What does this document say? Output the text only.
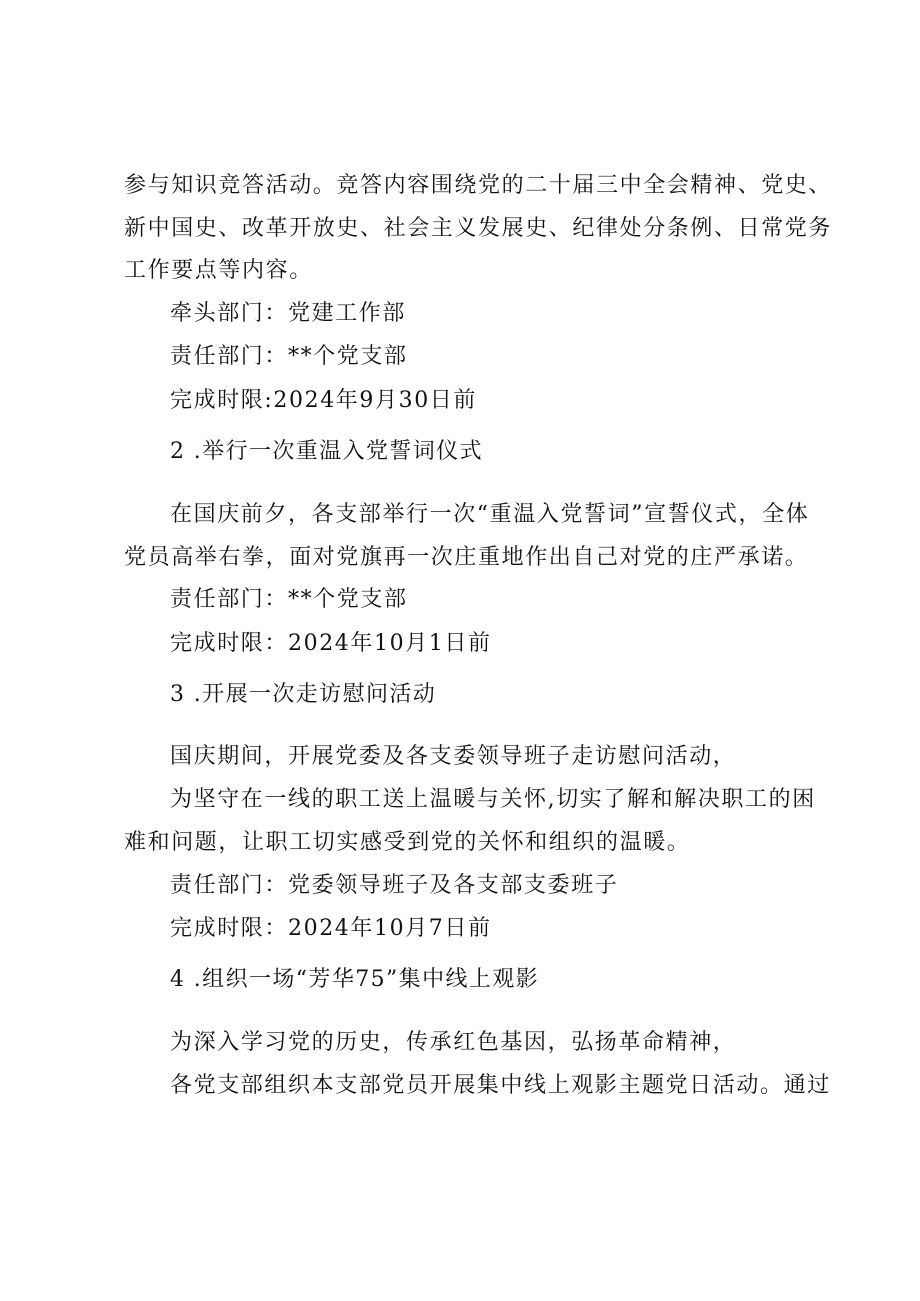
参与知识竞答活动。竞答内容围绕党的二十届三中全会精神、党史、
新中国史、改革开放史、社会主义发展史、纪律处分条例、日常党务
工作要点等内容。
牵头部门：党建工作部
责任部门：**个党支部
完成时限:2024年9月30日前
2 .举行一次重温入党誓词仪式
在国庆前夕，各支部举行一次“重温入党誓词”宣誓仪式，全体
党员高举右拳，面对党旗再一次庄重地作出自己对党的庄严承诺。
责任部门：**个党支部
完成时限：2024年10月1日前
3 .开展一次走访慰问活动
国庆期间，开展党委及各支委领导班子走访慰问活动，
为坚守在一线的职工送上温暖与关怀,切实了解和解决职工的困
难和问题，让职工切实感受到党的关怀和组织的温暖。
责任部门：党委领导班子及各支部支委班子
完成时限：2024年10月7日前
4 .组织一场“芳华75”集中线上观影
为深入学习党的历史，传承红色基因，弘扬革命精神，
各党支部组织本支部党员开展集中线上观影主题党日活动。通过
